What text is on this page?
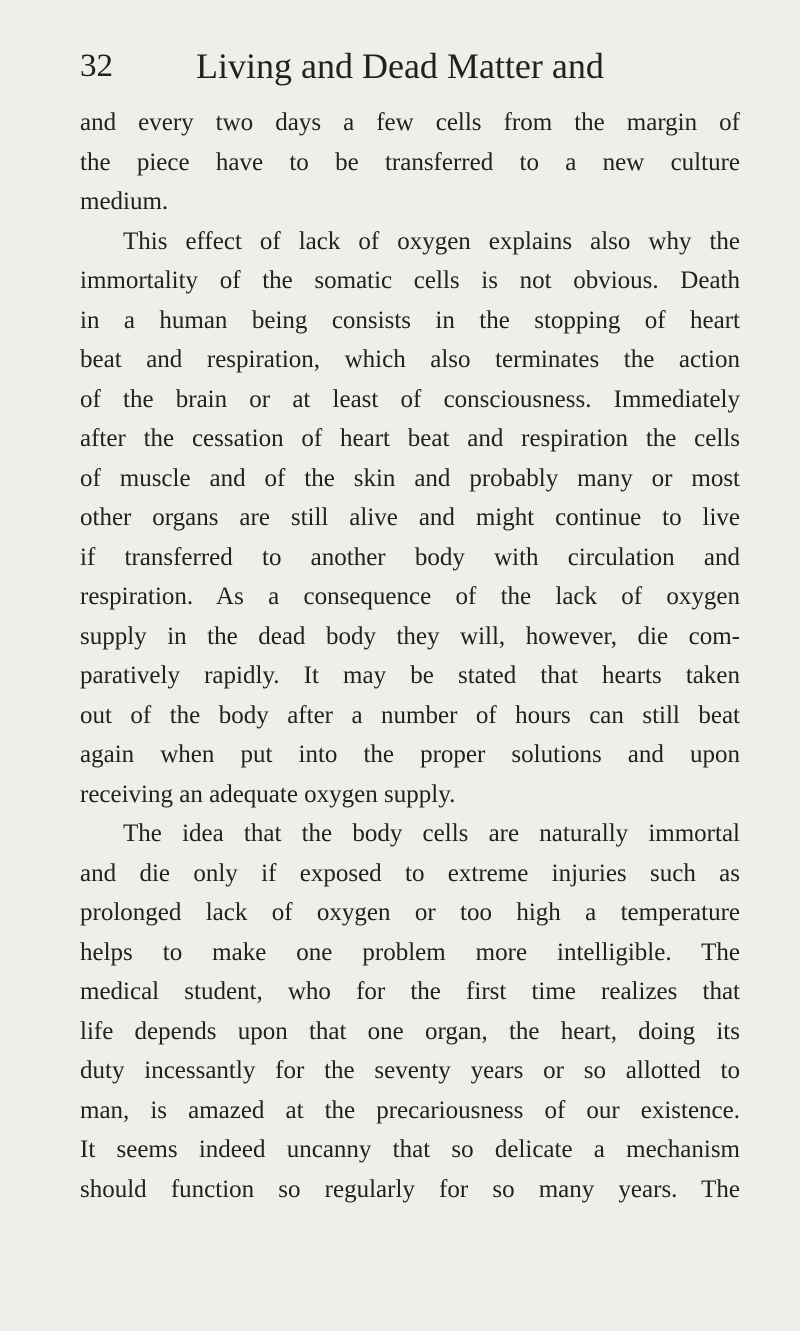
32 Living and Dead Matter and
and every two days a few cells from the margin of
the piece have to be transferred to a new culture
medium.
This effect of lack of oxygen explains also why the
immortality of the somatic cells is not obvious. Death
in a human being consists in the stopping of heart
beat and respiration, which also terminates the action
of the brain or at least of consciousness. Immediately
after the cessation of heart beat and respiration the cells
of muscle and of the skin and probably many or most
other organs are still alive and might continue to live
if transferred to another body with circulation and
respiration. As a consequence of the lack of oxygen
supply in the dead body they will, however, die com-
paratively rapidly. It may be stated that hearts taken
out of the body after a number of hours can still beat
again when put into the proper solutions and upon
receiving an adequate oxygen supply.
The idea that the body cells are naturally immortal
and die only if exposed to extreme injuries such as
prolonged lack of oxygen or too high a temperature
helps to make one problem more intelligible. The
medical student, who for the first time realizes that
life depends upon that one organ, the heart, doing its
duty incessantly for the seventy years or so allotted to
man, is amazed at the precariousness of our existence.
It seems indeed uncanny that so delicate a mechanism
should function so regularly for so many years. The
